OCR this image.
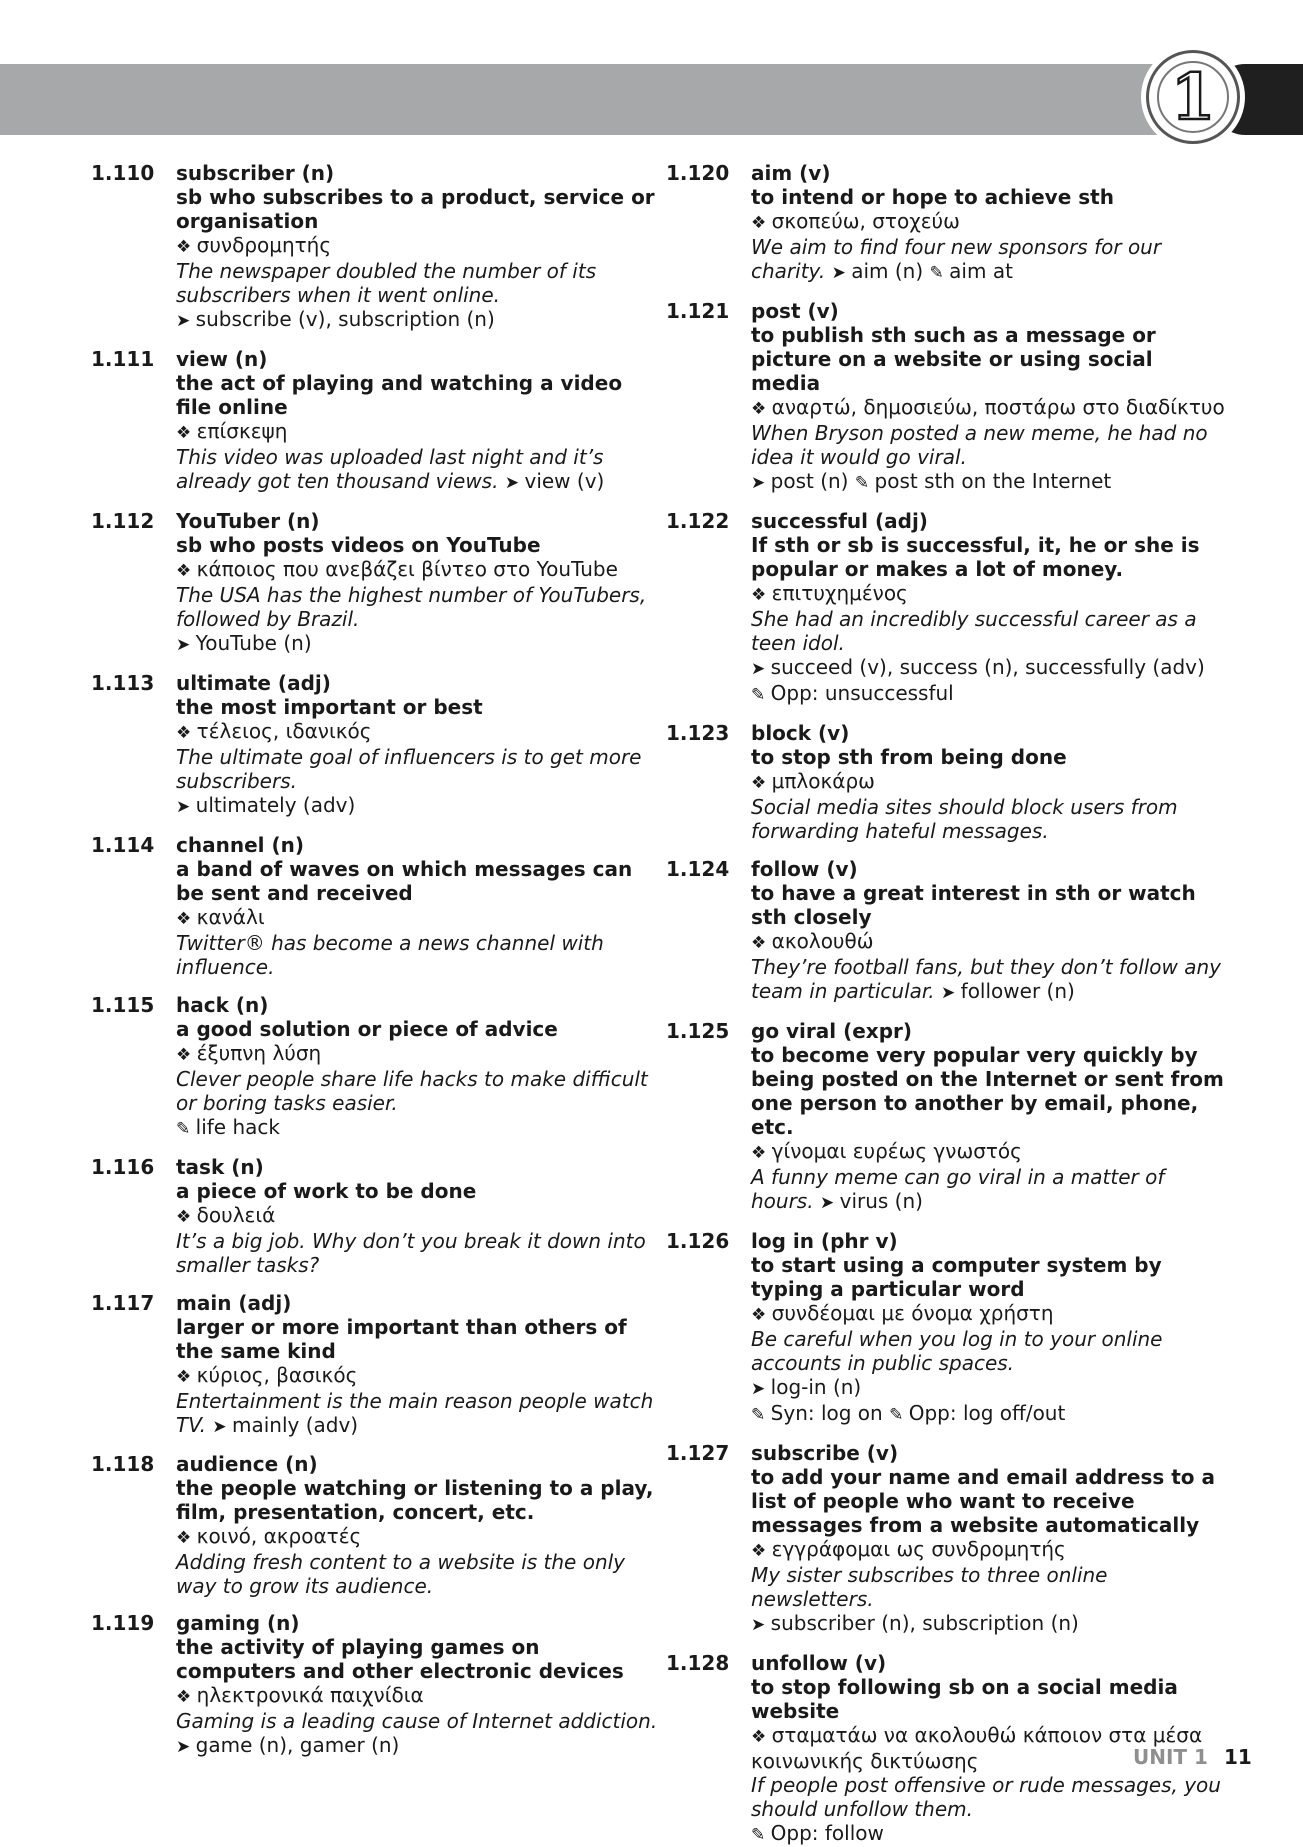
1
1.110	subscriber (n)
sb who subscribes to a product, service or organisation
❖ συνδρομητής
The newspaper doubled the number of its subscribers when it went online.
➤ subscribe (v), subscription (n)
1.111	view (n)
the act of playing and watching a video file online
❖ επίσκεψη
This video was uploaded last night and it’s already got ten thousand views. ➤ view (v)
1.112	YouTuber (n)
sb who posts videos on YouTube
❖ κάποιος που ανεβάζει βίντεο στο YouTube
The USA has the highest number of YouTubers, followed by Brazil.
➤ YouTube (n)
1.113	ultimate (adj)
the most important or best
❖ τέλειος, ιδανικός
The ultimate goal of influencers is to get more subscribers.
➤ ultimately (adv)
1.114	channel (n)
a band of waves on which messages can be sent and received
❖ κανάλι
Twitter® has become a news channel with influence.
1.115	hack (n)
a good solution or piece of advice
❖ έξυπνη λύση
Clever people share life hacks to make difficult or boring tasks easier.
✎ life hack
1.116	task (n)
a piece of work to be done
❖ δουλειά
It’s a big job. Why don’t you break it down into smaller tasks?
1.117	main (adj)
larger or more important than others of the same kind
❖ κύριος, βασικός
Entertainment is the main reason people watch TV. ➤ mainly (adv)
1.118	audience (n)
the people watching or listening to a play, film, presentation, concert, etc.
❖ κοινό, ακροατές
Adding fresh content to a website is the only way to grow its audience.
1.119	gaming (n)
the activity of playing games on computers and other electronic devices
❖ ηλεκτρονικά παιχνίδια
Gaming is a leading cause of Internet addiction.
➤ game (n), gamer (n)
1.120	aim (v)
to intend or hope to achieve sth
❖ σκοπεύω, στοχεύω
We aim to find four new sponsors for our charity. ➤ aim (n) ✎ aim at
1.121	post (v)
to publish sth such as a message or picture on a website or using social media
❖ αναρτώ, δημοσιεύω, ποστάρω στο διαδίκτυο
When Bryson posted a new meme, he had no idea it would go viral.
➤ post (n) ✎ post sth on the Internet
1.122	successful (adj)
If sth or sb is successful, it, he or she is popular or makes a lot of money.
❖ επιτυχημένος
She had an incredibly successful career as a teen idol.
➤ succeed (v), success (n), successfully (adv)
✎ Opp: unsuccessful
1.123	block (v)
to stop sth from being done
❖ μπλοκάρω
Social media sites should block users from forwarding hateful messages.
1.124	follow (v)
to have a great interest in sth or watch sth closely
❖ ακολουθώ
They’re football fans, but they don’t follow any team in particular. ➤ follower (n)
1.125	go viral (expr)
to become very popular very quickly by being posted on the Internet or sent from one person to another by email, phone, etc.
❖ γίνομαι ευρέως γνωστός
A funny meme can go viral in a matter of hours. ➤ virus (n)
1.126	log in (phr v)
to start using a computer system by typing a particular word
❖ συνδέομαι με όνομα χρήστη
Be careful when you log in to your online accounts in public spaces.
➤ log-in (n)
✎ Syn: log on ✎ Opp: log off/out
1.127	subscribe (v)
to add your name and email address to a list of people who want to receive messages from a website automatically
❖ εγγράφομαι ως συνδρομητής
My sister subscribes to three online newsletters.
➤ subscriber (n), subscription (n)
1.128	unfollow (v)
to stop following sb on a social media website
❖ σταματάω να ακολουθώ κάποιον στα μέσα κοινωνικής δικτύωσης
If people post offensive or rude messages, you should unfollow them.
✎ Opp: follow
UNIT 1 11
